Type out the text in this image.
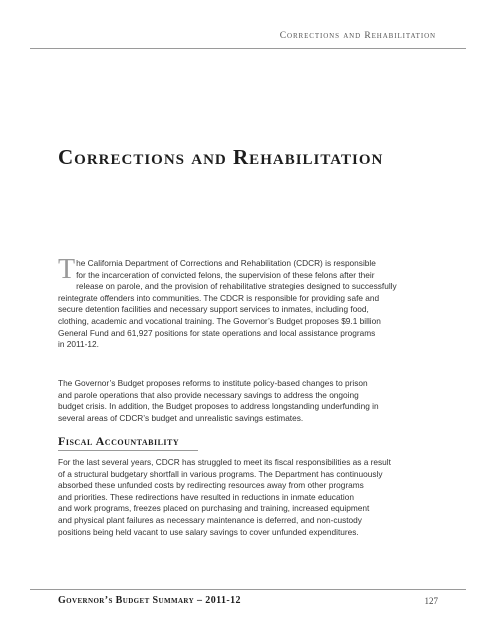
Corrections and Rehabilitation
Corrections and Rehabilitation
T he California Department of Corrections and Rehabilitation (CDCR) is responsible

for the incarceration of convicted felons, the supervision of these felons after their

release on parole, and the provision of rehabilitative strategies designed to successfully

reintegrate offenders into communities. The CDCR is responsible for providing safe and

secure detention facilities and necessary support services to inmates, including food,

clothing, academic and vocational training. The Governor’s Budget proposes $9.1 billion

General Fund and 61,927 positions for state operations and local assistance programs

in 2011-12.

The Governor’s Budget proposes reforms to institute policy-based changes to prison

and parole operations that also provide necessary savings to address the ongoing

budget crisis. In addition, the Budget proposes to address longstanding underfunding in

several areas of CDCR’s budget and unrealistic savings estimates.

Fiscal Accountability

For the last several years, CDCR has struggled to meet its fiscal responsibilities as a result

of a structural budgetary shortfall in various programs. The Department has continuously

absorbed these unfunded costs by redirecting resources away from other programs

and priorities. These redirections have resulted in reductions in inmate education

and work programs, freezes placed on purchasing and training, increased equipment

and physical plant failures as necessary maintenance is deferred, and non-custody

positions being held vacant to use salary savings to cover unfunded expenditures.

Governor’s Budget Summary – 2011-12	127
